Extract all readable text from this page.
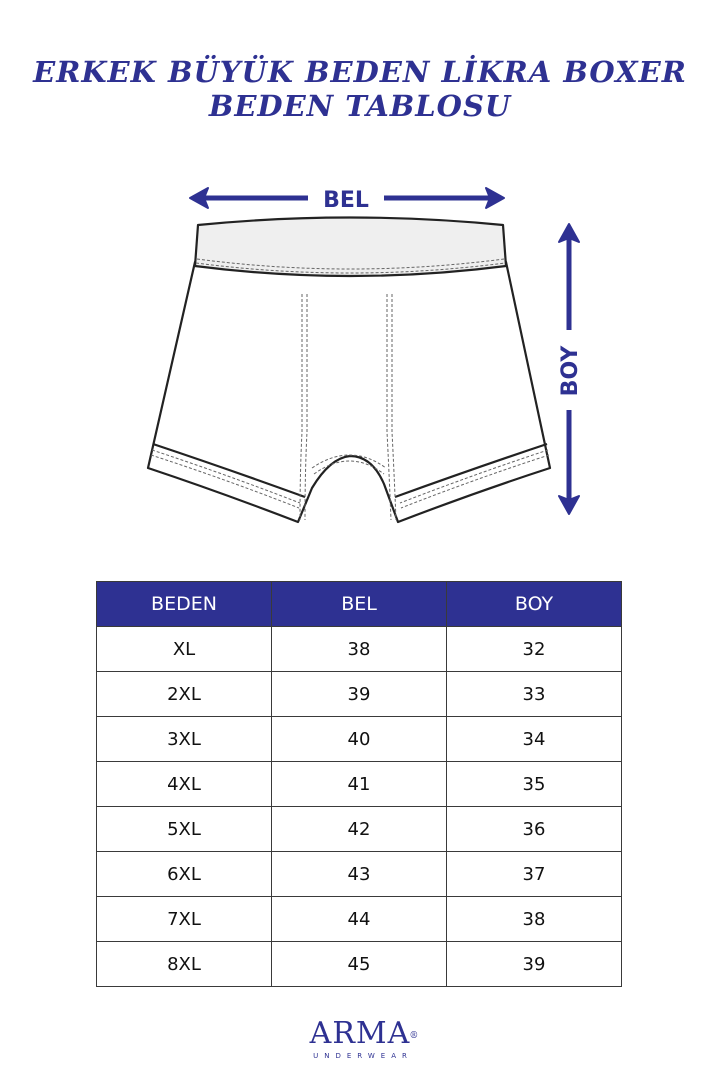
ERKEK BÜYÜK BEDEN LİKRA BOXER
BEDEN TABLOSU
BEL
BOY
BEDEN	BEL	BOY
XL	38	32
2XL	39	33
3XL	40	34
4XL	41	35
5XL	42	36
6XL	43	37
7XL	44	38
8XL	45	39
ARMA ®
UNDERWEAR
